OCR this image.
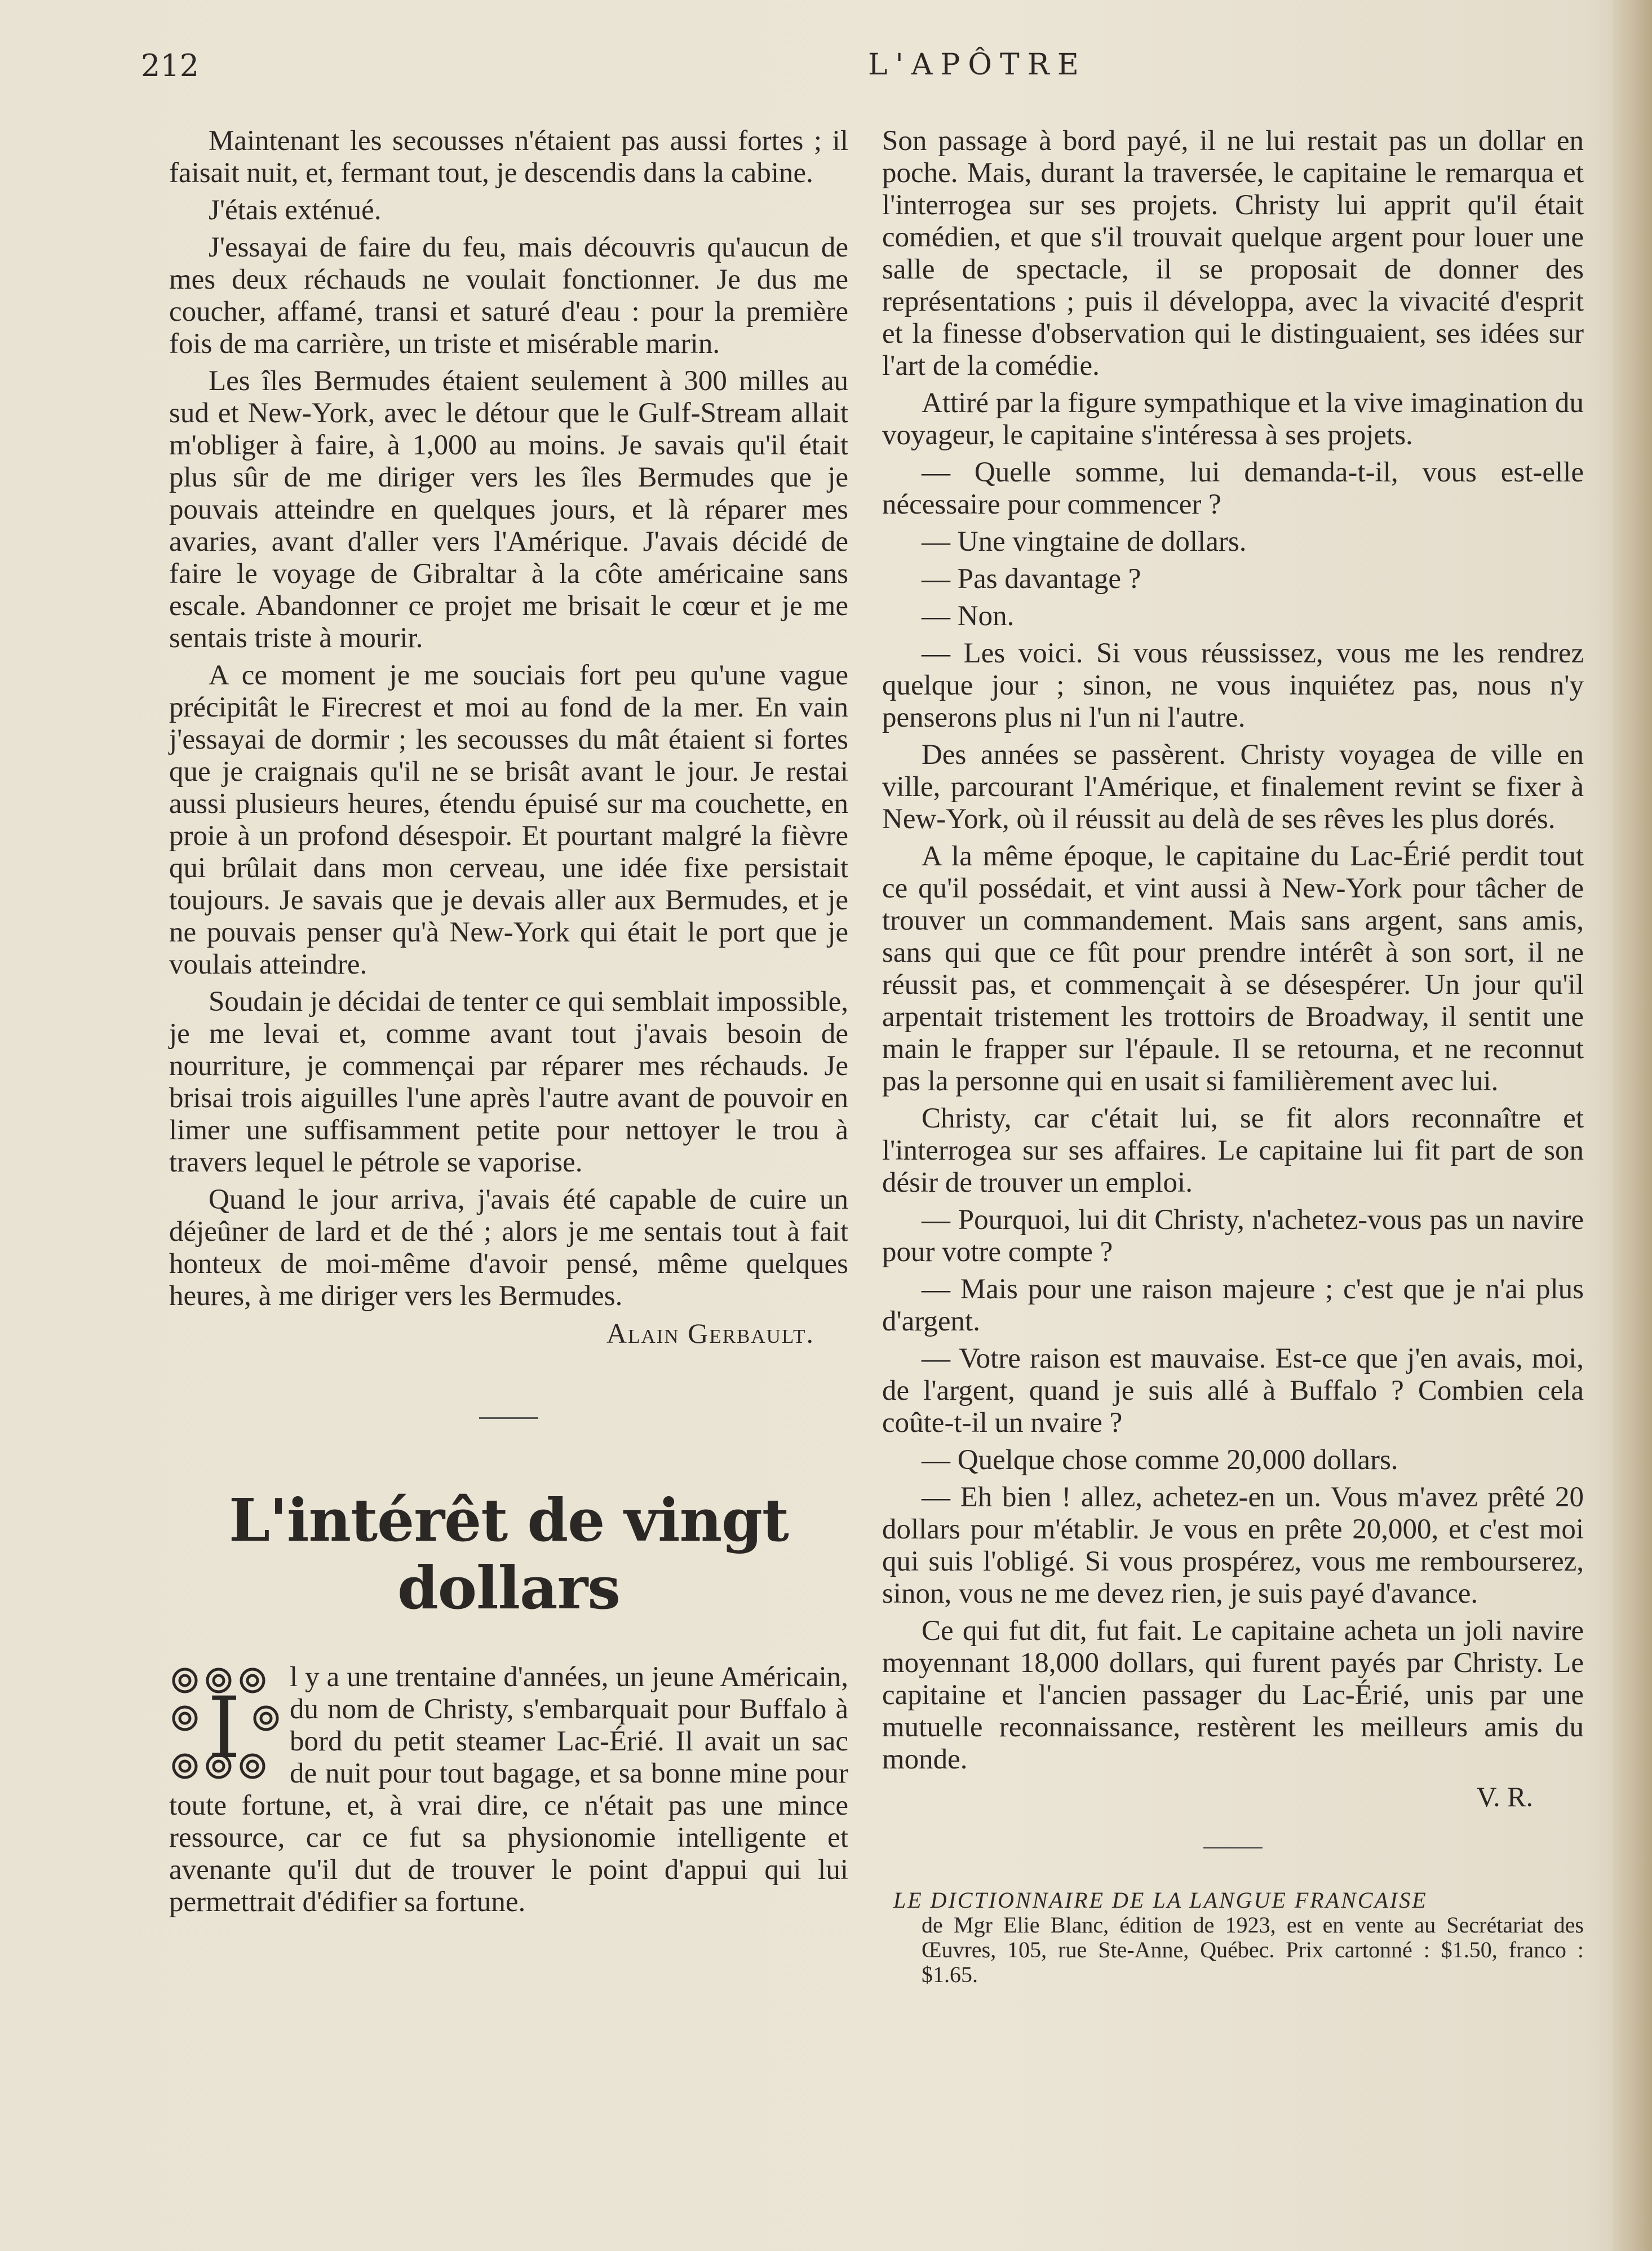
212	L'APÔTRE

Maintenant les secousses n'étaient pas aussi fortes ; il faisait nuit, et, fermant tout, je descendis dans la cabine.

J'étais exténué.

J'essayai de faire du feu, mais découvris qu'aucun de mes deux réchauds ne voulait fonctionner. Je dus me coucher, affamé, transi et saturé d'eau : pour la première fois de ma carrière, un triste et misérable marin.

Les îles Bermudes étaient seulement à 300 milles au sud et New-York, avec le détour que le Gulf-Stream allait m'obliger à faire, à 1,000 au moins. Je savais qu'il était plus sûr de me diriger vers les îles Bermudes que je pouvais atteindre en quelques jours, et là réparer mes avaries, avant d'aller vers l'Amérique. J'avais décidé de faire le voyage de Gibraltar à la côte américaine sans escale. Abandonner ce projet me brisait le cœur et je me sentais triste à mourir.

A ce moment je me souciais fort peu qu'une vague précipitât le Firecrest et moi au fond de la mer. En vain j'essayai de dormir ; les secousses du mât étaient si fortes que je craignais qu'il ne se brisât avant le jour. Je restai aussi plusieurs heures, étendu épuisé sur ma couchette, en proie à un profond désespoir. Et pourtant malgré la fièvre qui brûlait dans mon cerveau, une idée fixe persistait toujours. Je savais que je devais aller aux Bermudes, et je ne pouvais penser qu'à New-York qui était le port que je voulais atteindre.

Soudain je décidai de tenter ce qui semblait impossible, je me levai et, comme avant tout j'avais besoin de nourriture, je commençai par réparer mes réchauds. Je brisai trois aiguilles l'une après l'autre avant de pouvoir en limer une suffisamment petite pour nettoyer le trou à travers lequel le pétrole se vaporise.

Quand le jour arriva, j'avais été capable de cuire un déjeûner de lard et de thé ; alors je me sentais tout à fait honteux de moi-même d'avoir pensé, même quelques heures, à me diriger vers les Bermudes.

Alain Gerbault.

L'intérêt de vingt dollars
I

l y a une trentaine d'années, un jeune Américain, du nom de Christy, s'embarquait pour Buffalo à bord du petit steamer Lac-Érié. Il avait un sac de nuit pour tout bagage, et sa bonne mine pour toute fortune, et, à vrai dire, ce n'était pas une mince ressource, car ce fut sa physionomie intelligente et avenante qu'il dut de trouver le point d'appui qui lui permettrait d'édifier sa fortune.

Son passage à bord payé, il ne lui restait pas un dollar en poche. Mais, durant la traversée, le capitaine le remarqua et l'interrogea sur ses projets. Christy lui apprit qu'il était comédien, et que s'il trouvait quelque argent pour louer une salle de spectacle, il se proposait de donner des représentations ; puis il développa, avec la vivacité d'esprit et la finesse d'observation qui le distinguaient, ses idées sur l'art de la comédie.

Attiré par la figure sympathique et la vive imagination du voyageur, le capitaine s'intéressa à ses projets.

— Quelle somme, lui demanda-t-il, vous est-elle nécessaire pour commencer ?

— Une vingtaine de dollars.

— Pas davantage ?

— Non.

— Les voici. Si vous réussissez, vous me les rendrez quelque jour ; sinon, ne vous inquiétez pas, nous n'y penserons plus ni l'un ni l'autre.

Des années se passèrent. Christy voyagea de ville en ville, parcourant l'Amérique, et finalement revint se fixer à New-York, où il réussit au delà de ses rêves les plus dorés.

A la même époque, le capitaine du Lac-Érié perdit tout ce qu'il possédait, et vint aussi à New-York pour tâcher de trouver un commandement. Mais sans argent, sans amis, sans qui que ce fût pour prendre intérêt à son sort, il ne réussit pas, et commençait à se désespérer. Un jour qu'il arpentait tristement les trottoirs de Broadway, il sentit une main le frapper sur l'épaule. Il se retourna, et ne reconnut pas la personne qui en usait si familièrement avec lui.

Christy, car c'était lui, se fit alors reconnaître et l'interrogea sur ses affaires. Le capitaine lui fit part de son désir de trouver un emploi.

— Pourquoi, lui dit Christy, n'achetez-vous pas un navire pour votre compte ?

— Mais pour une raison majeure ; c'est que je n'ai plus d'argent.

— Votre raison est mauvaise. Est-ce que j'en avais, moi, de l'argent, quand je suis allé à Buffalo ? Combien cela coûte-t-il un nvaire ?

— Quelque chose comme 20,000 dollars.

— Eh bien ! allez, achetez-en un. Vous m'avez prêté 20 dollars pour m'établir. Je vous en prête 20,000, et c'est moi qui suis l'obligé. Si vous prospérez, vous me rembourserez, sinon, vous ne me devez rien, je suis payé d'avance.

Ce qui fut dit, fut fait. Le capitaine acheta un joli navire moyennant 18,000 dollars, qui furent payés par Christy. Le capitaine et l'ancien passager du Lac-Érié, unis par une mutuelle reconnaissance, restèrent les meilleurs amis du monde.

V. R.

LE DICTIONNAIRE DE LA LANGUE FRANCAISE
de Mgr Elie Blanc, édition de 1923, est en vente au Secrétariat des Œuvres, 105, rue Ste-Anne, Québec. Prix cartonné : $1.50, franco : $1.65.
